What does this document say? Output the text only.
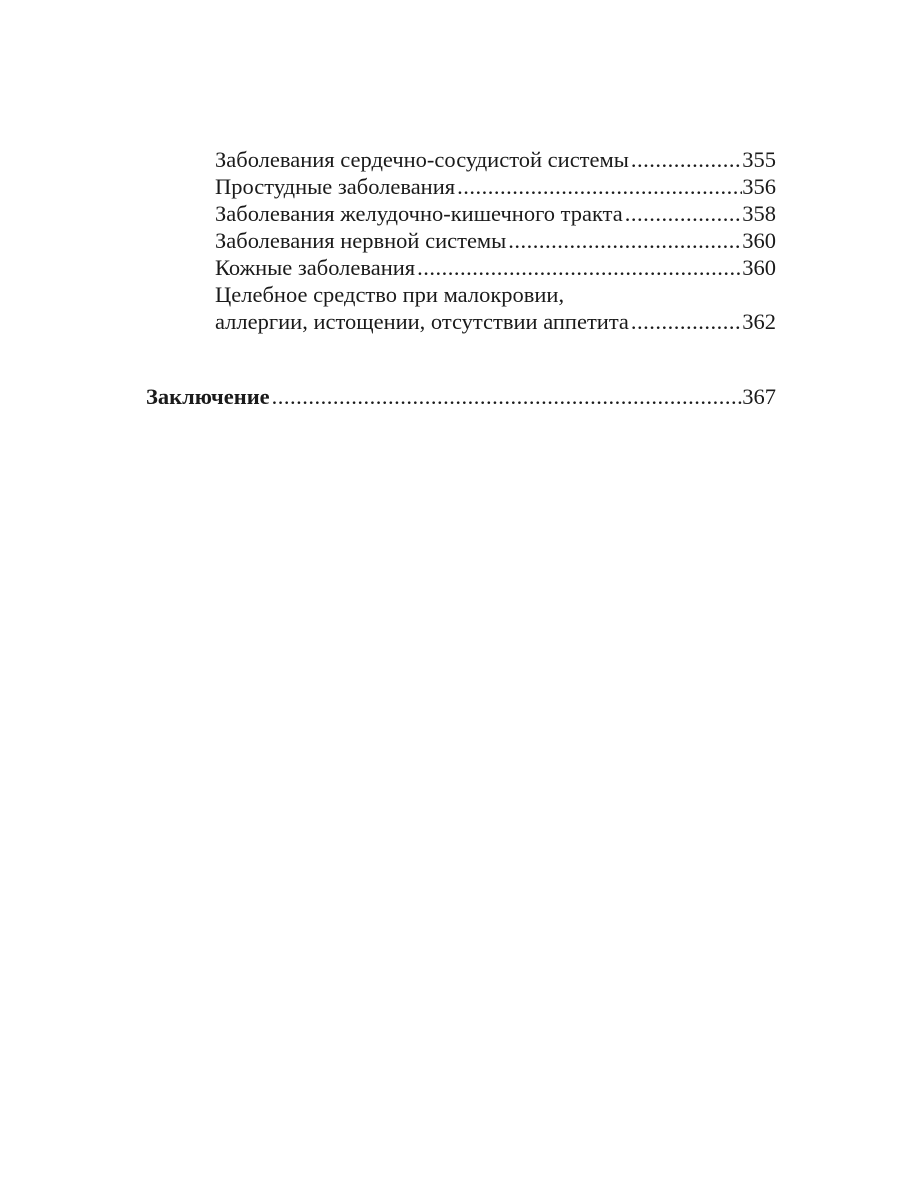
Заболевания сердечно-сосудистой системы .....	355
Простудные заболевания .....	356
Заболевания желудочно-кишечного тракта .....	358
Заболевания нервной системы .....	360
Кожные заболевания .....	360
Целебное средство при малокровии,
аллергии, истощении, отсутствии аппетита .....	362
Заключение .....	367
